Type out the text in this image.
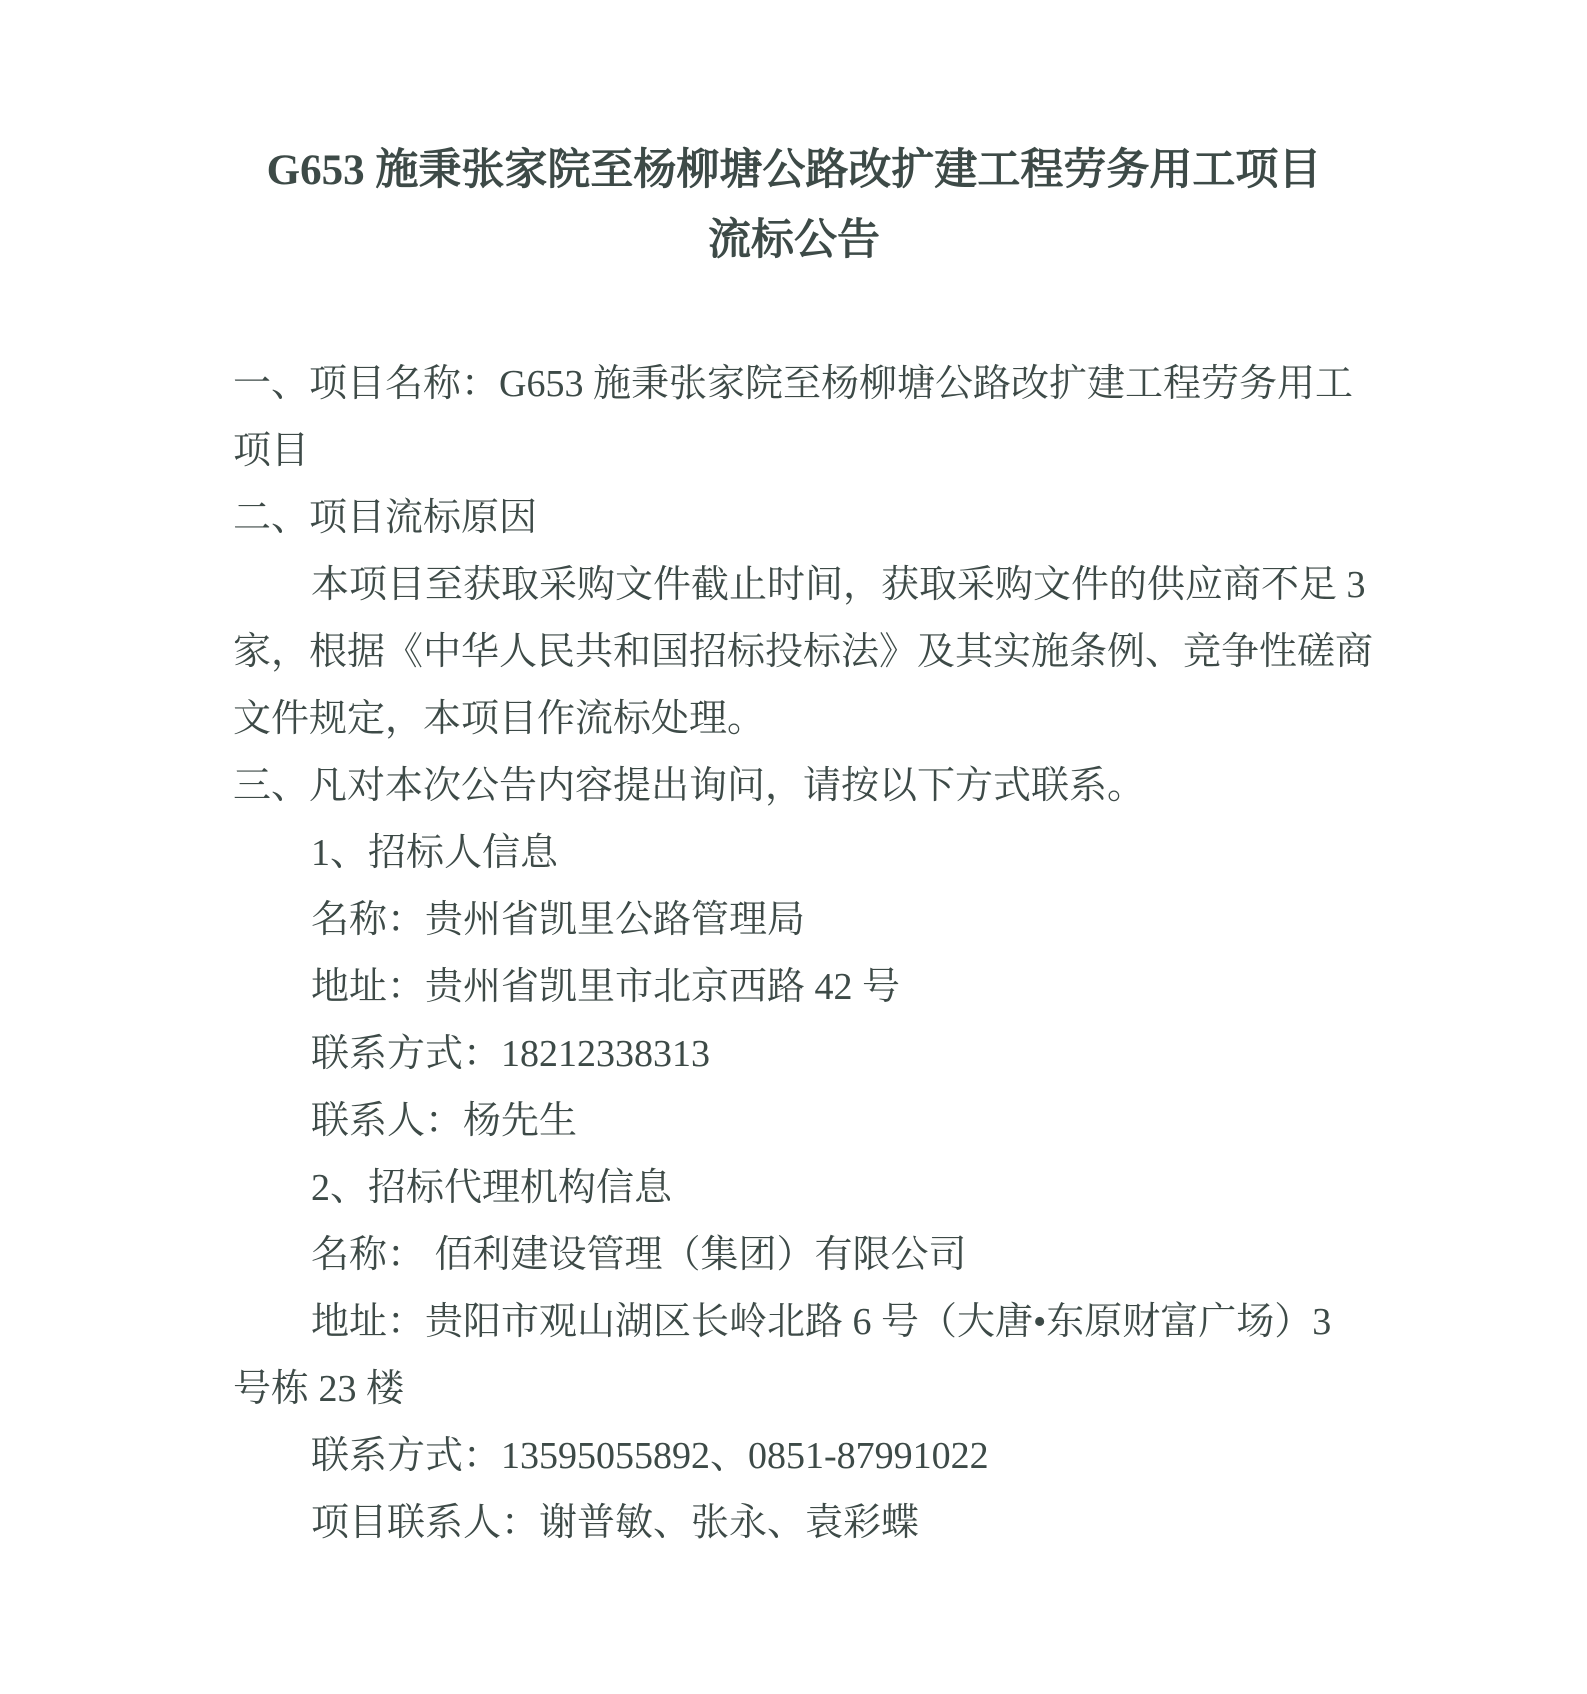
G653 施秉张家院至杨柳塘公路改扩建工程劳务用工项目
流标公告
一、项目名称：G653 施秉张家院至杨柳塘公路改扩建工程劳务用工
项目
二、项目流标原因
本项目至获取采购文件截止时间，获取采购文件的供应商不足 3
家，根据《中华人民共和国招标投标法》及其实施条例、竞争性磋商
文件规定，本项目作流标处理。
三、凡对本次公告内容提出询问，请按以下方式联系。
1、招标人信息
名称：贵州省凯里公路管理局
地址：贵州省凯里市北京西路 42 号
联系方式：18212338313
联系人：杨先生
2、招标代理机构信息
名称： 佰利建设管理（集团）有限公司
地址：贵阳市观山湖区长岭北路 6 号（大唐•东原财富广场）3
号栋 23 楼
联系方式：13595055892、0851-87991022
项目联系人：谢普敏、张永、袁彩蝶
